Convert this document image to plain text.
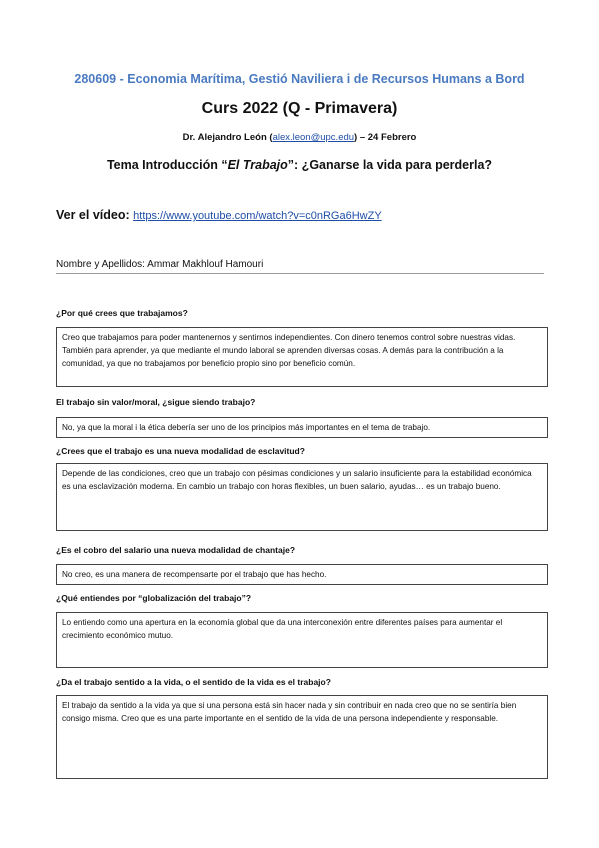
280609 - Economia Marítima, Gestió Naviliera i de Recursos Humans a Bord
Curs 2022 (Q - Primavera)
Dr. Alejandro León (alex.leon@upc.edu) – 24 Febrero
Tema Introducción “El Trabajo”: ¿Ganarse la vida para perderla?
Ver el vídeo: https://www.youtube.com/watch?v=c0nRGa6HwZY
Nombre y Apellidos: Ammar Makhlouf Hamouri
¿Por qué crees que trabajamos?
Creo que trabajamos para poder mantenernos y sentirnos independientes. Con dinero tenemos control sobre nuestras vidas. También para aprender, ya que mediante el mundo laboral se aprenden diversas cosas. A demás para la contribución a la comunidad, ya que no trabajamos por beneficio propio sino por beneficio común.
El trabajo sin valor/moral, ¿sigue siendo trabajo?
No, ya que la moral i la ética debería ser uno de los principios más importantes en el tema de trabajo.
¿Crees que el trabajo es una nueva modalidad de esclavitud?
Depende de las condiciones, creo que un trabajo con pésimas condiciones y un salario insuficiente para la estabilidad económica es una esclavización moderna. En cambio un trabajo con horas flexibles, un buen salario, ayudas… es un trabajo bueno.
¿Es el cobro del salario una nueva modalidad de chantaje?
No creo, es una manera de recompensarte por el trabajo que has hecho.
¿Qué entiendes por “globalización del trabajo”?
Lo entiendo como una apertura en la economía global que da una interconexión entre diferentes países para aumentar el crecimiento económico mutuo.
¿Da el trabajo sentido a la vida, o el sentido de la vida es el trabajo?
El trabajo da sentido a la vida ya que si una persona está sin hacer nada y sin contribuir en nada creo que no se sentiría bien consigo misma. Creo que es una parte importante en el sentido de la vida de una persona independiente y responsable.
